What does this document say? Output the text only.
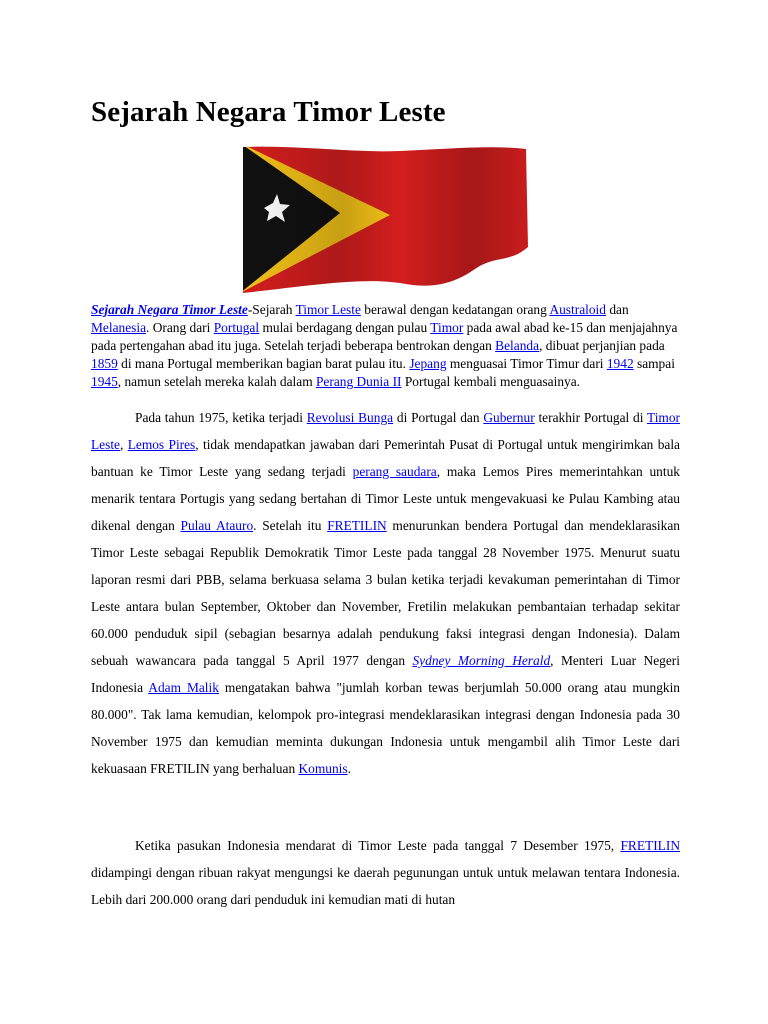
Sejarah Negara Timor Leste

Sejarah Negara Timor Leste-Sejarah Timor Leste berawal dengan kedatangan orang Australoid dan Melanesia. Orang dari Portugal mulai berdagang dengan pulau Timor pada awal abad ke-15 dan menjajahnya pada pertengahan abad itu juga. Setelah terjadi beberapa bentrokan dengan Belanda, dibuat perjanjian pada 1859 di mana Portugal memberikan bagian barat pulau itu. Jepang menguasai Timor Timur dari 1942 sampai 1945, namun setelah mereka kalah dalam Perang Dunia II Portugal kembali menguasainya.

Pada tahun 1975, ketika terjadi Revolusi Bunga di Portugal dan Gubernur terakhir Portugal di Timor Leste, Lemos Pires, tidak mendapatkan jawaban dari Pemerintah Pusat di Portugal untuk mengirimkan bala bantuan ke Timor Leste yang sedang terjadi perang saudara, maka Lemos Pires memerintahkan untuk menarik tentara Portugis yang sedang bertahan di Timor Leste untuk mengevakuasi ke Pulau Kambing atau dikenal dengan Pulau Atauro. Setelah itu FRETILIN menurunkan bendera Portugal dan mendeklarasikan Timor Leste sebagai Republik Demokratik Timor Leste pada tanggal 28 November 1975. Menurut suatu laporan resmi dari PBB, selama berkuasa selama 3 bulan ketika terjadi kevakuman pemerintahan di Timor Leste antara bulan September, Oktober dan November, Fretilin melakukan pembantaian terhadap sekitar 60.000 penduduk sipil (sebagian besarnya adalah pendukung faksi integrasi dengan Indonesia). Dalam sebuah wawancara pada tanggal 5 April 1977 dengan Sydney Morning Herald, Menteri Luar Negeri Indonesia Adam Malik mengatakan bahwa "jumlah korban tewas berjumlah 50.000 orang atau mungkin 80.000". Tak lama kemudian, kelompok pro-integrasi mendeklarasikan integrasi dengan Indonesia pada 30 November 1975 dan kemudian meminta dukungan Indonesia untuk mengambil alih Timor Leste dari kekuasaan FRETILIN yang berhaluan Komunis.

Ketika pasukan Indonesia mendarat di Timor Leste pada tanggal 7 Desember 1975, FRETILIN didampingi dengan ribuan rakyat mengungsi ke daerah pegunungan untuk untuk melawan tentara Indonesia. Lebih dari 200.000 orang dari penduduk ini kemudian mati di hutan
